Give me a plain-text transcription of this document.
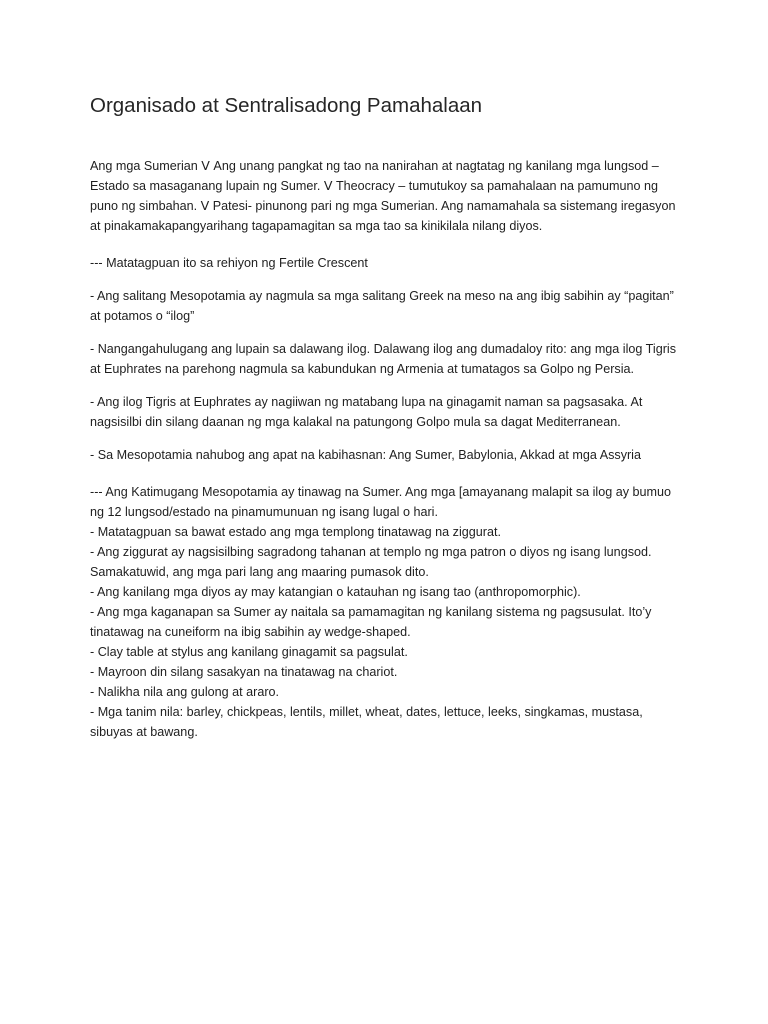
Organisado at Sentralisadong Pamahalaan

Ang mga Sumerian ⴸ Ang unang pangkat ng tao na nanirahan at nagtatag ng kanilang mga lungsod – Estado sa masaganang lupain ng Sumer. ⴸ Theocracy – tumutukoy sa pamahalaan na pamumuno ng puno ng simbahan. ⴸ Patesi- pinunong pari ng mga Sumerian. Ang namamahala sa sistemang iregasyon at pinakamakapangyarihang tagapamagitan sa mga tao sa kinikilala nilang diyos.

--- Matatagpuan ito sa rehiyon ng Fertile Crescent

- Ang salitang Mesopotamia ay nagmula sa mga salitang Greek na meso na ang ibig sabihin ay “pagitan” at potamos o “ilog”

- Nangangahulugang ang lupain sa dalawang ilog. Dalawang ilog ang dumadaloy rito: ang mga ilog Tigris at Euphrates na parehong nagmula sa kabundukan ng Armenia at tumatagos sa Golpo ng Persia.

- Ang ilog Tigris at Euphrates ay nagiiwan ng matabang lupa na ginagamit naman sa pagsasaka. At nagsisilbi din silang daanan ng mga kalakal na patungong Golpo mula sa dagat Mediterranean.

- Sa Mesopotamia nahubog ang apat na kabihasnan: Ang Sumer, Babylonia, Akkad at mga Assyria

--- Ang Katimugang Mesopotamia ay tinawag na Sumer. Ang mga [amayanang malapit sa ilog ay bumuo ng 12 lungsod/estado na pinamumunuan ng isang lugal o hari.
- Matatagpuan sa bawat estado ang mga templong tinatawag na ziggurat.
- Ang ziggurat ay nagsisilbing sagradong tahanan at templo ng mga patron o diyos ng isang lungsod. Samakatuwid, ang mga pari lang ang maaring pumasok dito.
- Ang kanilang mga diyos ay may katangian o katauhan ng isang tao (anthropomorphic).
- Ang mga kaganapan sa Sumer ay naitala sa pamamagitan ng kanilang sistema ng pagsusulat. Ito’y tinatawag na cuneiform na ibig sabihin ay wedge-shaped.
- Clay table at stylus ang kanilang ginagamit sa pagsulat.
- Mayroon din silang sasakyan na tinatawag na chariot.
- Nalikha nila ang gulong at araro.
- Mga tanim nila: barley, chickpeas, lentils, millet, wheat, dates, lettuce, leeks, singkamas, mustasa, sibuyas at bawang.
